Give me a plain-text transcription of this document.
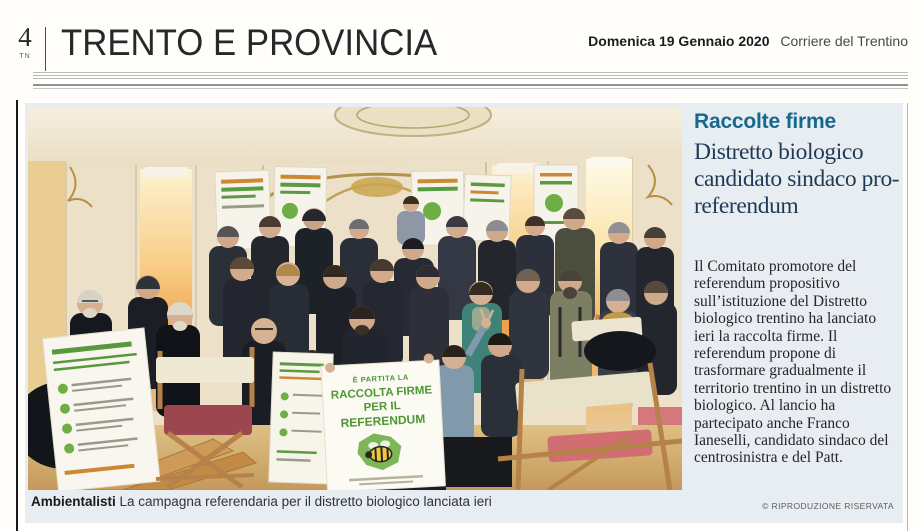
4
TN TRENTO E PROVINCIA	Domenica 19 Gennaio 2020 Corriere del Trentino
È PARTITA LA
RACCOLTA FIRME
PER IL
REFERENDUM
Ambientalisti La campagna referendaria per il distretto biologico lanciata ieri
Raccolte firme
Distretto biologico candidato sindaco pro-referendum
Il Comitato promotore del referendum propositivo sull’istituzione del Distretto biologico trentino ha lanciato ieri la raccolta firme. Il referendum propone di trasformare gradualmente il territorio trentino in un distretto biologico. Al lancio ha partecipato anche Franco Ianeselli, candidato sindaco del centrosinistra e del Patt.
© RIPRODUZIONE RISERVATA
